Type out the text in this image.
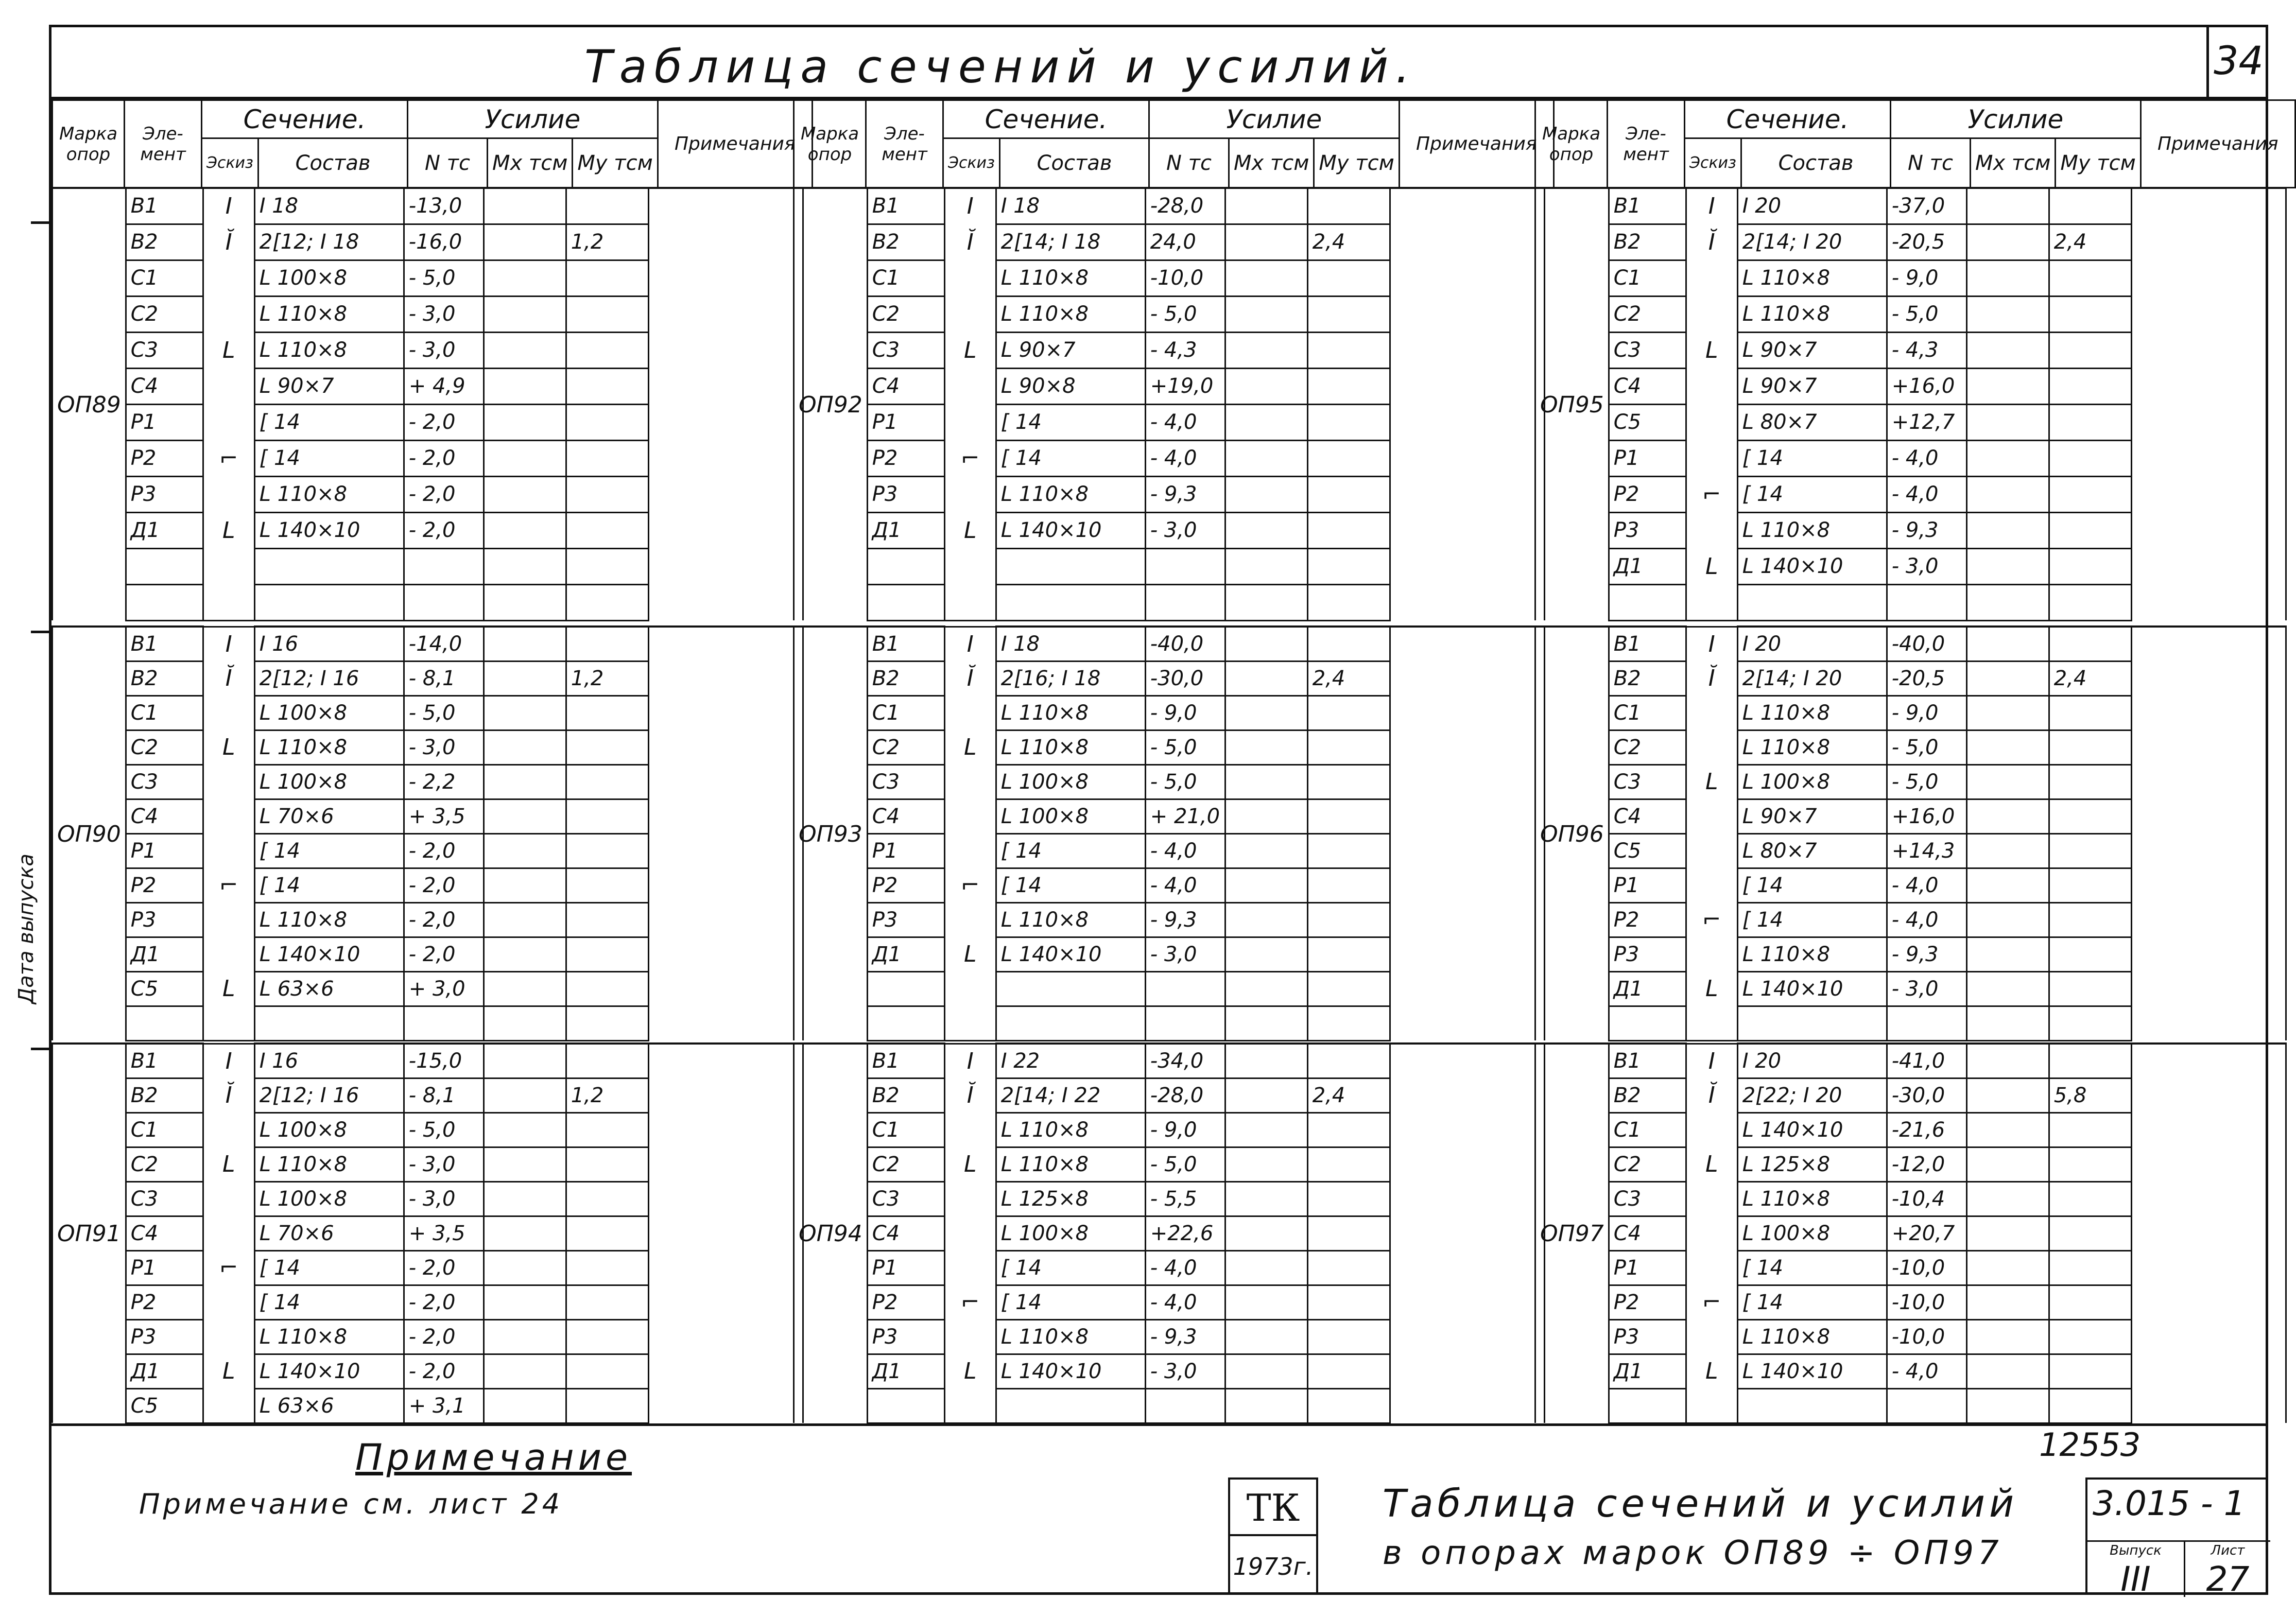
Дата выпуска
Таблица сечений и усилий.	34
Марка опор	Эле-мент	Сечение.		Усилие			Примечания
		Эскиз	Состав	N тс	Мх тсм	Му тсм	
ОП89	В1	I	I 18	-13,0			
	В2	Ĭ	2[12; I 18	-16,0		1,2	
	С1		L 100×8	- 5,0			
	С2		L 110×8	- 3,0			
	С3	L	L 110×8	- 3,0			
	С4		L 90×7	+ 4,9			
	Р1		[ 14	- 2,0			
	Р2	⌐	[ 14	- 2,0			
	Р3		L 110×8	- 2,0			
	Д1	L	L 140×10	- 2,0			

ОП90	В1	I	I 16	-14,0			
	В2	Ĭ	2[12; I 16	- 8,1		1,2	
	С1		L 100×8	- 5,0			
	С2	L	L 110×8	- 3,0			
	С3		L 100×8	- 2,2			
	С4		L 70×6	+ 3,5			
	Р1		[ 14	- 2,0			
	Р2	⌐	[ 14	- 2,0			
	Р3		L 110×8	- 2,0			
	Д1		L 140×10	- 2,0			
	С5	L	L 63×6	+ 3,0			

ОП91	В1	I	I 16	-15,0			
	В2	Ĭ	2[12; I 16	- 8,1		1,2	
	С1		L 100×8	- 5,0			
	С2	L	L 110×8	- 3,0			
	С3		L 100×8	- 3,0			
	С4		L 70×6	+ 3,5			
	Р1	⌐	[ 14	- 2,0			
	Р2		[ 14	- 2,0			
	Р3		L 110×8	- 2,0			
	Д1	L	L 140×10	- 2,0			
	С5		L 63×6	+ 3,1			
Марка опор	Эле-мент	Сечение.		Усилие			Примечания
		Эскиз	Состав	N тс	Мх тсм	Му тсм	
ОП92	В1	I	I 18	-28,0			
	В2	Ĭ	2[14; I 18	24,0		2,4	
	С1		L 110×8	-10,0			
	С2		L 110×8	- 5,0			
	С3	L	L 90×7	- 4,3			
	С4		L 90×8	+19,0			
	Р1		[ 14	- 4,0			
	Р2	⌐	[ 14	- 4,0			
	Р3		L 110×8	- 9,3			
	Д1	L	L 140×10	- 3,0			

ОП93	В1	I	I 18	-40,0			
	В2	Ĭ	2[16; I 18	-30,0		2,4	
	С1		L 110×8	- 9,0			
	С2	L	L 110×8	- 5,0			
	С3		L 100×8	- 5,0			
	С4		L 100×8	+ 21,0			
	Р1		[ 14	- 4,0			
	Р2	⌐	[ 14	- 4,0			
	Р3		L 110×8	- 9,3			
	Д1	L	L 140×10	- 3,0			

ОП94	В1	I	I 22	-34,0			
	В2	Ĭ	2[14; I 22	-28,0		2,4	
	С1		L 110×8	- 9,0			
	С2	L	L 110×8	- 5,0			
	С3		L 125×8	- 5,5			
	С4		L 100×8	+22,6			
	Р1		[ 14	- 4,0			
	Р2	⌐	[ 14	- 4,0			
	Р3		L 110×8	- 9,3			
	Д1	L	L 140×10	- 3,0			

Марка опор	Эле-мент	Сечение.		Усилие			Примечания
		Эскиз	Состав	N тс	Мх тсм	Му тсм	
ОП95	В1	I	I 20	-37,0			
	В2	Ĭ	2[14; I 20	-20,5		2,4	
	С1		L 110×8	- 9,0			
	С2		L 110×8	- 5,0			
	С3	L	L 90×7	- 4,3			
	С4		L 90×7	+16,0			
	С5		L 80×7	+12,7			
	Р1		[ 14	- 4,0			
	Р2	⌐	[ 14	- 4,0			
	Р3		L 110×8	- 9,3			
	Д1	L	L 140×10	- 3,0			

ОП96	В1	I	I 20	-40,0			
	В2	Ĭ	2[14; I 20	-20,5		2,4	
	С1		L 110×8	- 9,0			
	С2		L 110×8	- 5,0			
	С3	L	L 100×8	- 5,0			
	С4		L 90×7	+16,0			
	С5		L 80×7	+14,3			
	Р1		[ 14	- 4,0			
	Р2	⌐	[ 14	- 4,0			
	Р3		L 110×8	- 9,3			
	Д1	L	L 140×10	- 3,0			

ОП97	В1	I	I 20	-41,0			
	В2	Ĭ	2[22; I 20	-30,0		5,8	
	С1		L 140×10	-21,6			
	С2	L	L 125×8	-12,0			
	С3		L 110×8	-10,4			
	С4		L 100×8	+20,7			
	Р1		[ 14	-10,0			
	Р2	⌐	[ 14	-10,0			
	Р3		L 110×8	-10,0			
	Д1	L	L 140×10	- 4,0			

Примечание
Примечание см. лист 24
12553
ТК
1973г.
Таблица сечений и усилий
в опорах марок ОП89 ÷ ОП97
3.015 - 1
Выпуск
III
Лист
27
